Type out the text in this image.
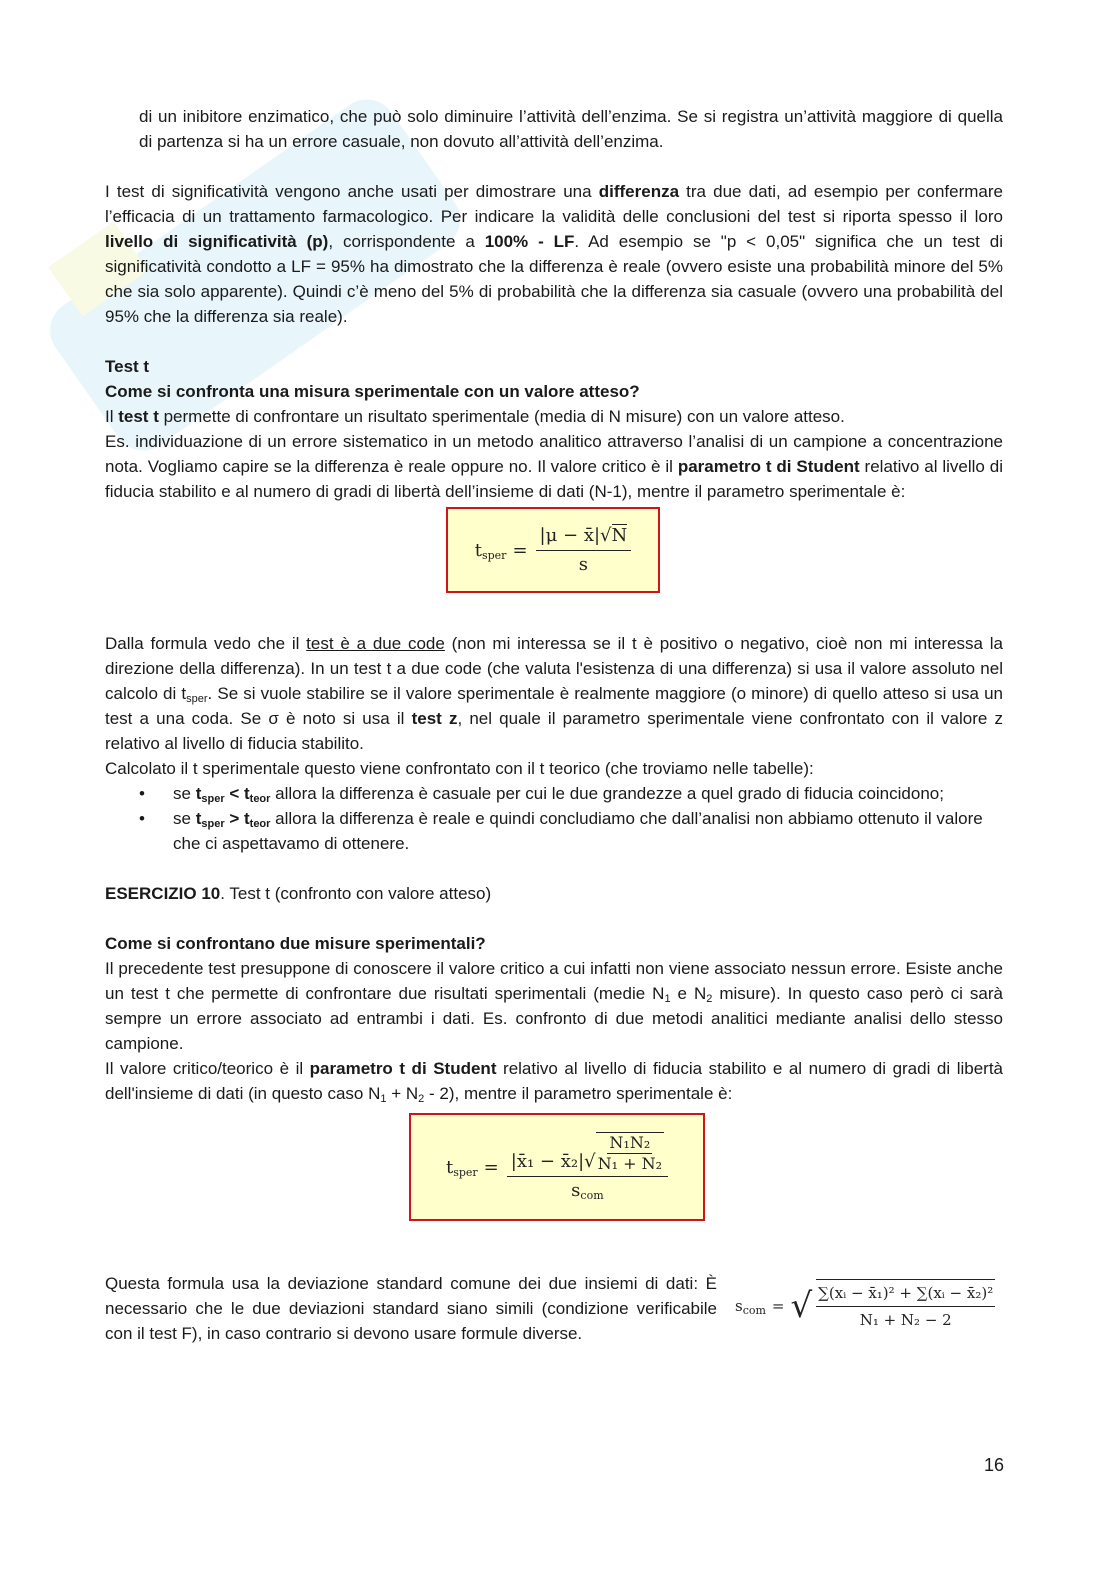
di un inibitore enzimatico, che può solo diminuire l’attività dell’enzima. Se si registra un’attività maggiore di quella di partenza si ha un errore casuale, non dovuto all’attività dell’enzima.

I test di significatività vengono anche usati per dimostrare una differenza tra due dati, ad esempio per confermare l’efficacia di un trattamento farmacologico. Per indicare la validità delle conclusioni del test si riporta spesso il loro livello di significatività (p), corrispondente a 100% - LF. Ad esempio se "p < 0,05" significa che un test di significatività condotto a LF = 95% ha dimostrato che la differenza è reale (ovvero esiste una probabilità minore del 5% che sia solo apparente). Quindi c’è meno del 5% di probabilità che la differenza sia casuale (ovvero una probabilità del 95% che la differenza sia reale).

Test t

Come si confronta una misura sperimentale con un valore atteso?

Il test t permette di confrontare un risultato sperimentale (media di N misure) con un valore atteso.

Es. individuazione di un errore sistematico in un metodo analitico attraverso l’analisi di un campione a concentrazione nota. Vogliamo capire se la differenza è reale oppure no. Il valore critico è il parametro t di Student relativo al livello di fiducia stabilito e al numero di gradi di libertà dell’insieme di dati (N-1), mentre il parametro sperimentale è:

$t_{sper} = \frac{|\mu - x̄|√N}{s}$

Dalla formula vedo che il test è a due code (non mi interessa se il t è positivo o negativo, cioè non mi interessa la direzione della differenza). In un test t a due code (che valuta l'esistenza di una differenza) si usa il valore assoluto nel calcolo di $t_{sper}$. Se si vuole stabilire se il valore sperimentale è realmente maggiore (o minore) di quello atteso si usa un test a una coda. Se σ è noto si usa il test z, nel quale il parametro sperimentale viene confrontato con il valore z relativo al livello di fiducia stabilito.

Calcolato il t sperimentale questo viene confrontato con il t teorico (che troviamo nelle tabelle):

• se $t_{sper} < t_{teor}$ allora la differenza è casuale per cui le due grandezze a quel grado di fiducia coincidono;
• se $t_{sper} > t_{teor}$ allora la differenza è reale e quindi concludiamo che dall’analisi non abbiamo ottenuto il valore che ci aspettavamo di ottenere.

ESERCIZIO 10. Test t (confronto con valore atteso)

Come si confrontano due misure sperimentali?

Il precedente test presuppone di conoscere il valore critico a cui infatti non viene associato nessun errore. Esiste anche un test t che permette di confrontare due risultati sperimentali (medie $N_1$ e $N_2$ misure). In questo caso però ci sarà sempre un errore associato ad entrambi i dati. Es. confronto di due metodi analitici mediante analisi dello stesso campione.

Il valore critico/teorico è il parametro t di Student relativo al livello di fiducia stabilito e al numero di gradi di libertà dell'insieme di dati (in questo caso $N_1 + N_2 - 2$), mentre il parametro sperimentale è:

$t_{sper}$ = |x̄₁ − x̄₂| √
N₁N₂
N₁ + N₂
$s_{com}$

Questa formula usa la deviazione standard comune dei due insiemi di dati: È necessario che le due deviazioni standard siano simili (condizione verificabile con il test F), in caso contrario si devono usare formule diverse.

$s_{com}$ = √ ∑(xᵢ − x̄₁)² + ∑(xᵢ − x̄₂)²
N₁ + N₂ − 2
16
